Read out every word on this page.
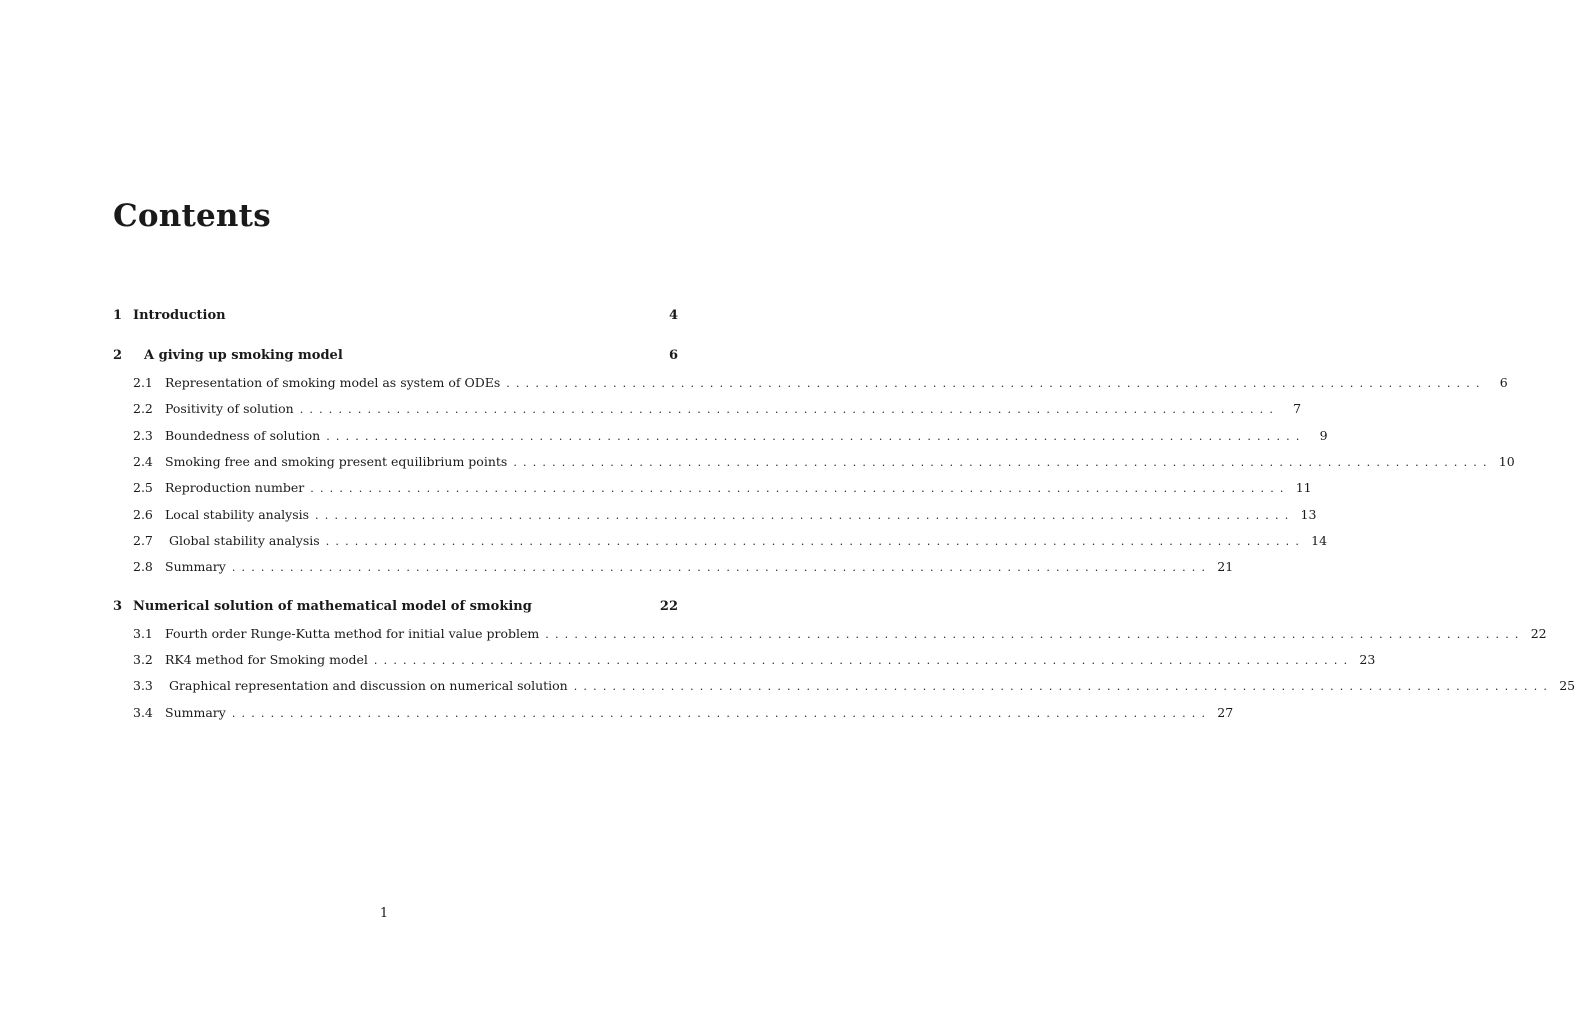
Contents
1 Introduction	4
2	A giving up smoking model	6
2.1 Representation of smoking model as system of ODEs .....................................................................................................	6
2.2 Positivity of solution .....................................................................................................	7
2.3 Boundedness of solution .....................................................................................................	9
2.4 Smoking free and smoking present equilibrium points ..................................................................................................... 10
2.5 Reproduction number ..................................................................................................... 11
2.6 Local stability analysis ..................................................................................................... 13
2.7 Global stability analysis ..................................................................................................... 14
2.8 Summary ..................................................................................................... 21
3 Numerical solution of mathematical model of smoking	22
3.1 Fourth order Runge-Kutta method for initial value problem ..................................................................................................... 22
3.2 RK4 method for Smoking model ..................................................................................................... 23
3.3 Graphical representation and discussion on numerical solution ..................................................................................................... 25
3.4 Summary ..................................................................................................... 27
1
